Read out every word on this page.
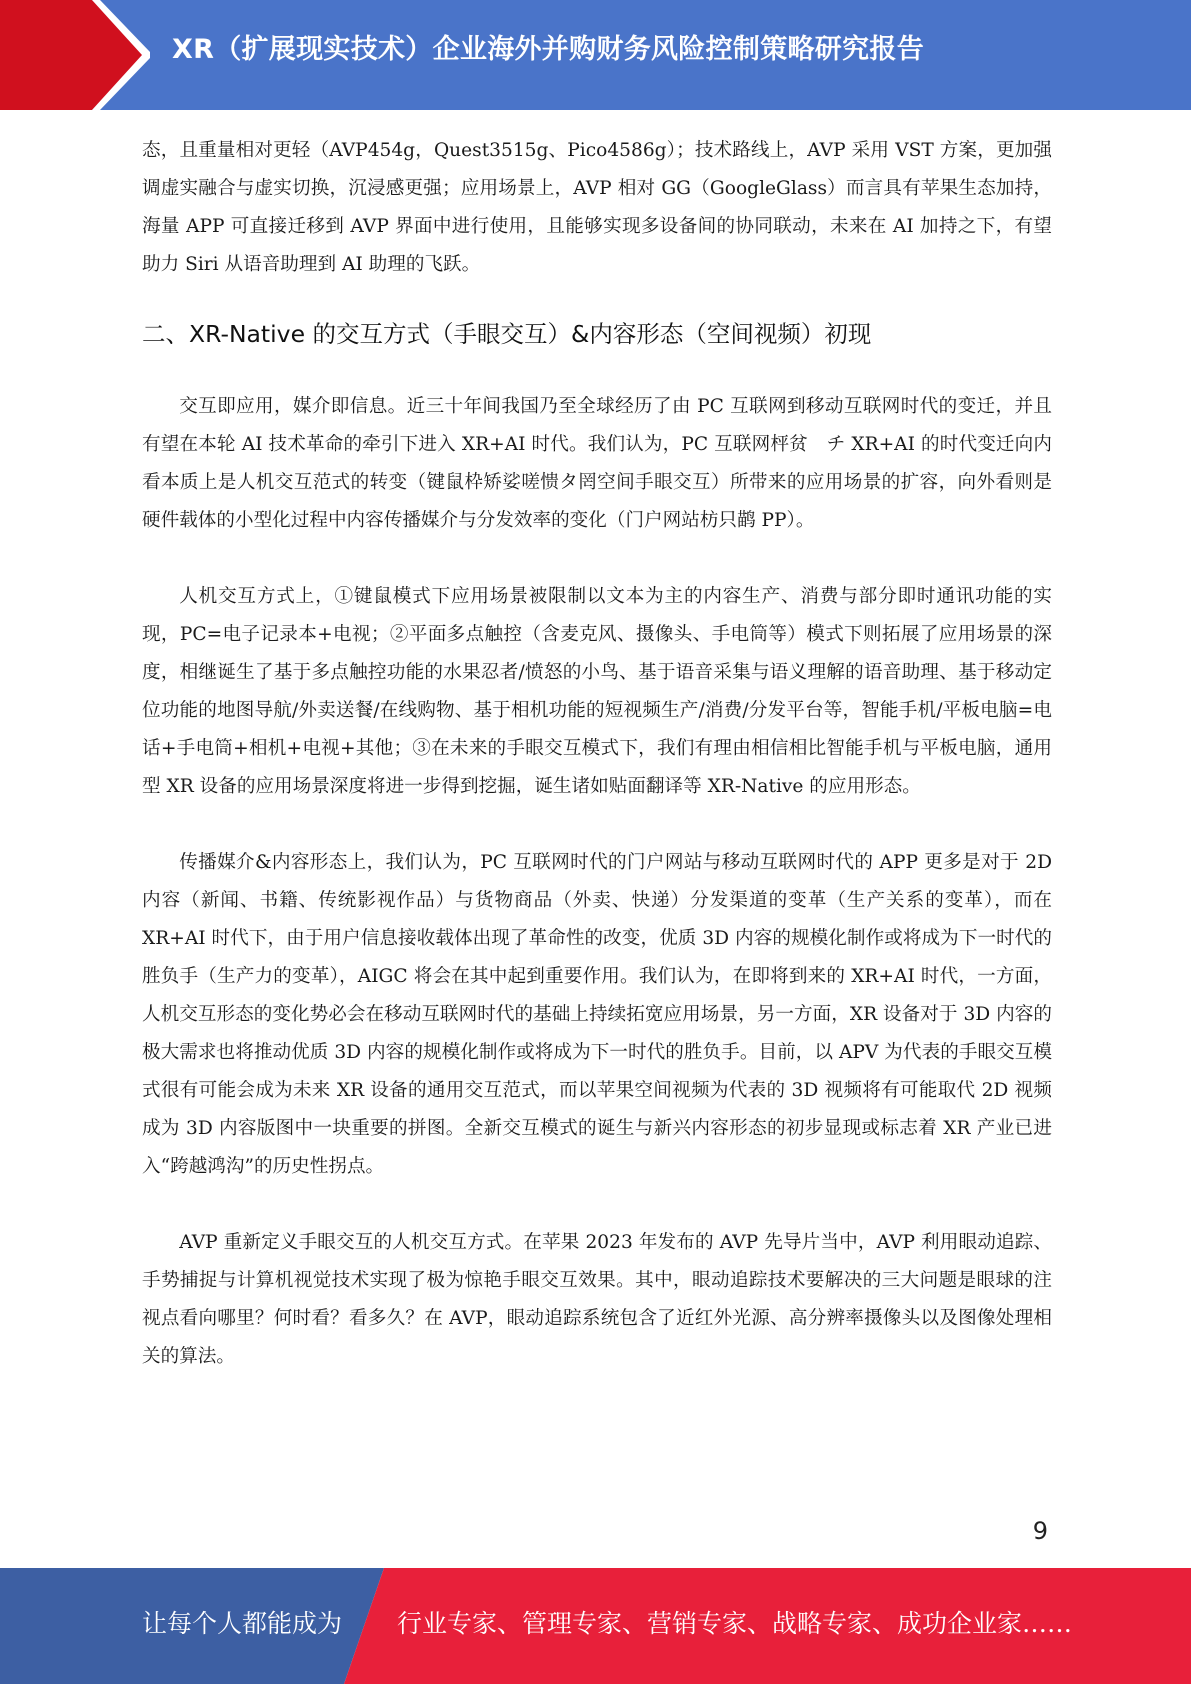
XR（扩展现实技术）企业海外并购财务风险控制策略研究报告

态，且重量相对更轻（AVP454g，Quest3515g、Pico4586g）；技术路线上，AVP 采用 VST 方案，更加强调虚实融合与虚实切换，沉浸感更强；应用场景上，AVP 相对 GG（GoogleGlass）而言具有苹果生态加持，海量 APP 可直接迁移到 AVP 界面中进行使用，且能够实现多设备间的协同联动，未来在 AI 加持之下，有望助力 Siri 从语音助理到 AI 助理的飞跃。

二、XR-Native 的交互方式（手眼交互）&内容形态（空间视频）初现

交互即应用，媒介即信息。近三十年间我国乃至全球经历了由 PC 互联网到移动互联网时代的变迁，并且有望在本轮 AI 技术革命的牵引下进入 XR+AI 时代。我们认为，PC 互联网枰贫　チ XR+AI 的时代变迁向内看本质上是人机交互范式的转变（键鼠枠矫娑嗟愦タ罔空间手眼交互）所带来的应用场景的扩容，向外看则是硬件载体的小型化过程中内容传播媒介与分发效率的变化（门户网站枋只鹋 PP）。

人机交互方式上，①键鼠模式下应用场景被限制以文本为主的内容生产、消费与部分即时通讯功能的实现，PC=电子记录本+电视；②平面多点触控（含麦克风、摄像头、手电筒等）模式下则拓展了应用场景的深度，相继诞生了基于多点触控功能的水果忍者/愤怒的小鸟、基于语音采集与语义理解的语音助理、基于移动定位功能的地图导航/外卖送餐/在线购物、基于相机功能的短视频生产/消费/分发平台等，智能手机/平板电脑=电话+手电筒+相机+电视+其他；③在未来的手眼交互模式下，我们有理由相信相比智能手机与平板电脑，通用型 XR 设备的应用场景深度将进一步得到挖掘，诞生诸如贴面翻译等 XR-Native 的应用形态。

传播媒介&内容形态上，我们认为，PC 互联网时代的门户网站与移动互联网时代的 APP 更多是对于 2D 内容（新闻、书籍、传统影视作品）与货物商品（外卖、快递）分发渠道的变革（生产关系的变革），而在 XR+AI 时代下，由于用户信息接收载体出现了革命性的改变，优质 3D 内容的规模化制作或将成为下一时代的胜负手（生产力的变革），AIGC 将会在其中起到重要作用。我们认为，在即将到来的 XR+AI 时代，一方面，人机交互形态的变化势必会在移动互联网时代的基础上持续拓宽应用场景，另一方面，XR 设备对于 3D 内容的极大需求也将推动优质 3D 内容的规模化制作或将成为下一时代的胜负手。目前，以 APV 为代表的手眼交互模式很有可能会成为未来 XR 设备的通用交互范式，而以苹果空间视频为代表的 3D 视频将有可能取代 2D 视频成为 3D 内容版图中一块重要的拼图。全新交互模式的诞生与新兴内容形态的初步显现或标志着 XR 产业已进入“跨越鸿沟”的历史性拐点。

AVP 重新定义手眼交互的人机交互方式。在苹果 2023 年发布的 AVP 先导片当中，AVP 利用眼动追踪、手势捕捉与计算机视觉技术实现了极为惊艳手眼交互效果。其中，眼动追踪技术要解决的三大问题是眼球的注视点看向哪里？何时看？看多久？在 AVP，眼动追踪系统包含了近红外光源、高分辨率摄像头以及图像处理相关的算法。

9
让每个人都能成为 行业专家、管理专家、营销专家、战略专家、成功企业家……
